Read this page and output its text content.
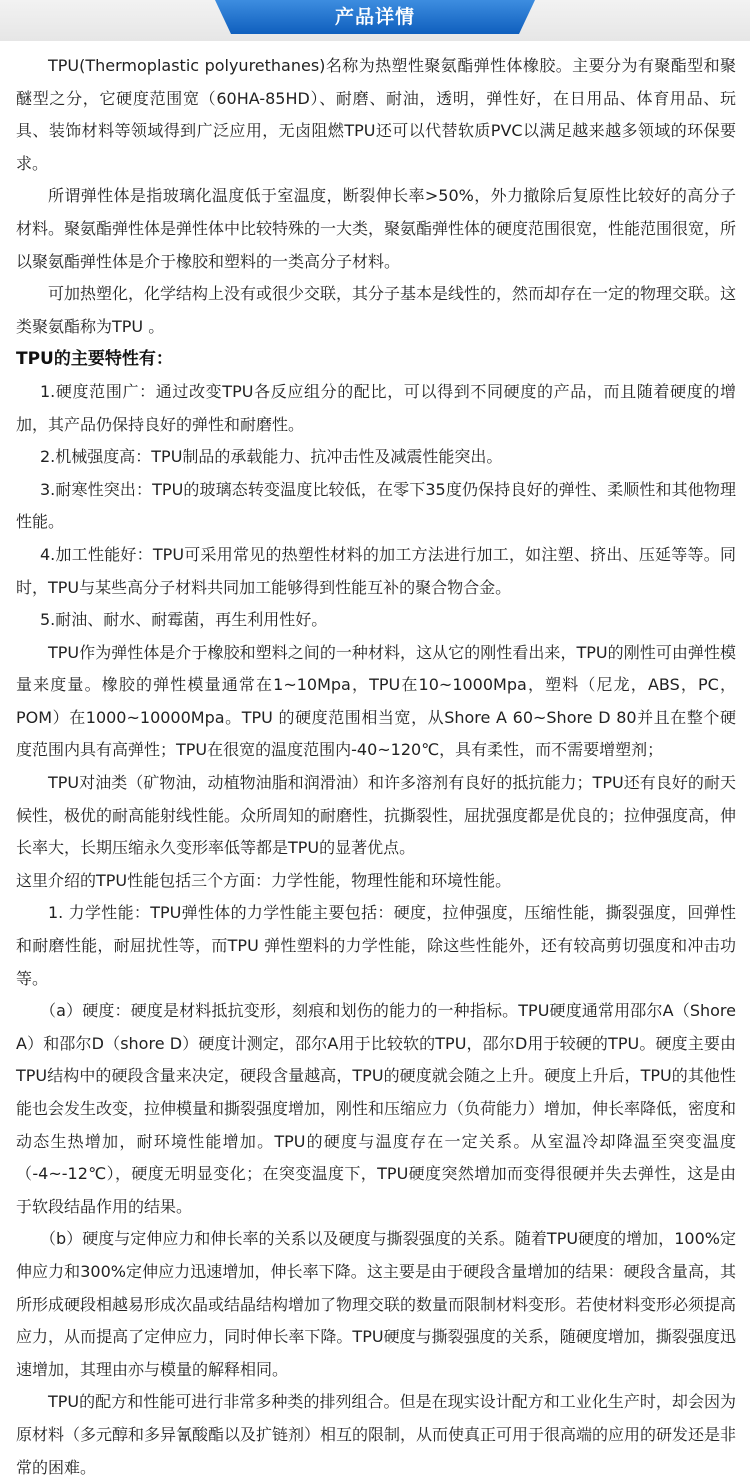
产品详情

TPU(Thermoplastic polyurethanes)名称为热塑性聚氨酯弹性体橡胶。主要分为有聚酯型和聚醚型之分，它硬度范围宽（60HA-85HD）、耐磨、耐油，透明，弹性好，在日用品、体育用品、玩具、装饰材料等领域得到广泛应用，无卤阻燃TPU还可以代替软质PVC以满足越来越多领域的环保要求。

所谓弹性体是指玻璃化温度低于室温度，断裂伸长率>50%，外力撤除后复原性比较好的高分子材料。聚氨酯弹性体是弹性体中比较特殊的一大类，聚氨酯弹性体的硬度范围很宽，性能范围很宽，所以聚氨酯弹性体是介于橡胶和塑料的一类高分子材料。

可加热塑化，化学结构上没有或很少交联，其分子基本是线性的，然而却存在一定的物理交联。这类聚氨酯称为TPU 。

TPU的主要特性有：

1.硬度范围广：通过改变TPU各反应组分的配比，可以得到不同硬度的产品，而且随着硬度的增加，其产品仍保持良好的弹性和耐磨性。

2.机械强度高：TPU制品的承载能力、抗冲击性及减震性能突出。

3.耐寒性突出：TPU的玻璃态转变温度比较低，在零下35度仍保持良好的弹性、柔顺性和其他物理性能。

4.加工性能好：TPU可采用常见的热塑性材料的加工方法进行加工，如注塑、挤出、压延等等。同时，TPU与某些高分子材料共同加工能够得到性能互补的聚合物合金。

5.耐油、耐水、耐霉菌，再生利用性好。

TPU作为弹性体是介于橡胶和塑料之间的一种材料，这从它的刚性看出来，TPU的刚性可由弹性模量来度量。橡胶的弹性模量通常在1~10Mpa，TPU在10~1000Mpa，塑料（尼龙，ABS，PC，POM）在1000~10000Mpa。TPU 的硬度范围相当宽，从Shore A 60~Shore D 80并且在整个硬度范围内具有高弹性；TPU在很宽的温度范围内-40~120℃，具有柔性，而不需要增塑剂；

TPU对油类（矿物油，动植物油脂和润滑油）和许多溶剂有良好的抵抗能力；TPU还有良好的耐天候性，极优的耐高能射线性能。众所周知的耐磨性，抗撕裂性，屈扰强度都是优良的；拉伸强度高，伸长率大，长期压缩永久变形率低等都是TPU的显著优点。

这里介绍的TPU性能包括三个方面：力学性能，物理性能和环境性能。

1. 力学性能：TPU弹性体的力学性能主要包括：硬度，拉伸强度，压缩性能，撕裂强度，回弹性和耐磨性能，耐屈扰性等，而TPU 弹性塑料的力学性能，除这些性能外，还有较高剪切强度和冲击功等。

（a）硬度：硬度是材料抵抗变形，刻痕和划伤的能力的一种指标。TPU硬度通常用邵尔A（Shore A）和邵尔D（shore D）硬度计测定，邵尔A用于比较软的TPU，邵尔D用于较硬的TPU。硬度主要由TPU结构中的硬段含量来决定，硬段含量越高，TPU的硬度就会随之上升。硬度上升后，TPU的其他性能也会发生改变，拉伸模量和撕裂强度增加，刚性和压缩应力（负荷能力）增加，伸长率降低，密度和动态生热增加，耐环境性能增加。TPU的硬度与温度存在一定关系。从室温冷却降温至突变温度（-4~-12℃），硬度无明显变化；在突变温度下，TPU硬度突然增加而变得很硬并失去弹性，这是由于软段结晶作用的结果。

（b）硬度与定伸应力和伸长率的关系以及硬度与撕裂强度的关系。随着TPU硬度的增加，100%定伸应力和300%定伸应力迅速增加，伸长率下降。这主要是由于硬段含量增加的结果：硬段含量高，其所形成硬段相越易形成次晶或结晶结构增加了物理交联的数量而限制材料变形。若使材料变形必须提高应力，从而提高了定伸应力，同时伸长率下降。TPU硬度与撕裂强度的关系，随硬度增加，撕裂强度迅速增加，其理由亦与模量的解释相同。

TPU的配方和性能可进行非常多种类的排列组合。但是在现实设计配方和工业化生产时，却会因为原材料（多元醇和多异氰酸酯以及扩链剂）相互的限制，从而使真正可用于很高端的应用的研发还是非常的困难。
